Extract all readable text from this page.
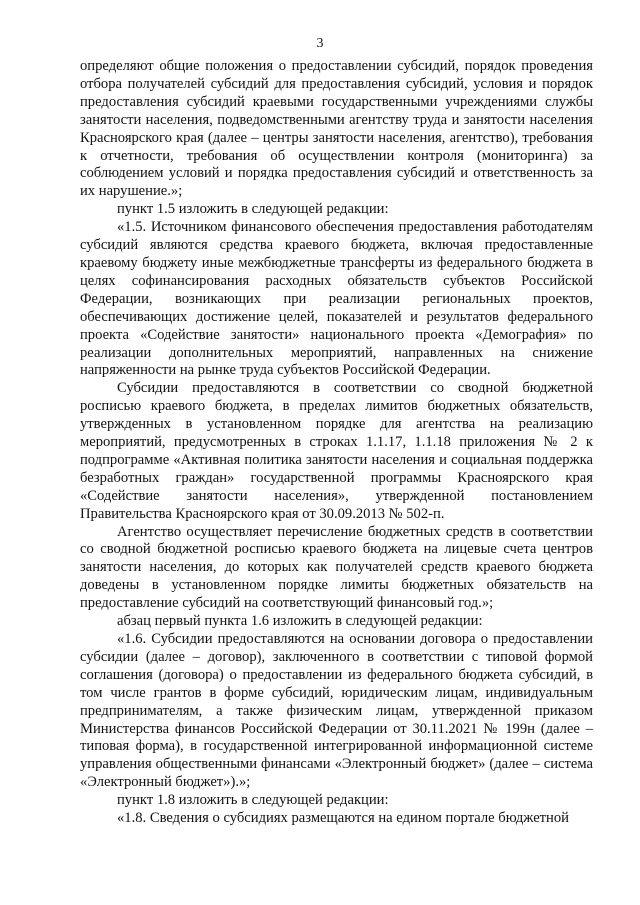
3

определяют общие положения о предоставлении субсидий, порядок проведения отбора получателей субсидий для предоставления субсидий, условия и порядок предоставления субсидий краевыми государственными учреждениями службы занятости населения, подведомственными агентству труда и занятости населения Красноярского края (далее – центры занятости населения, агентство), требования к отчетности, требования об осуществлении контроля (мониторинга) за соблюдением условий и порядка предоставления субсидий и ответственность за их нарушение.»;

пункт 1.5 изложить в следующей редакции:

«1.5. Источником финансового обеспечения предоставления работодателям субсидий являются средства краевого бюджета, включая предоставленные краевому бюджету иные межбюджетные трансферты из федерального бюджета в целях софинансирования расходных обязательств субъектов Российской Федерации, возникающих при реализации региональных проектов, обеспечивающих достижение целей, показателей и результатов федерального проекта «Содействие занятости» национального проекта «Демография» по реализации дополнительных мероприятий, направленных на снижение напряженности на рынке труда субъектов Российской Федерации.

Субсидии предоставляются в соответствии со сводной бюджетной росписью краевого бюджета, в пределах лимитов бюджетных обязательств, утвержденных в установленном порядке для агентства на реализацию мероприятий, предусмотренных в строках 1.1.17, 1.1.18 приложения № 2 к подпрограмме «Активная политика занятости населения и социальная поддержка безработных граждан» государственной программы Красноярского края «Содействие занятости населения», утвержденной постановлением Правительства Красноярского края от 30.09.2013 № 502-п.

Агентство осуществляет перечисление бюджетных средств в соответствии со сводной бюджетной росписью краевого бюджета на лицевые счета центров занятости населения, до которых как получателей средств краевого бюджета доведены в установленном порядке лимиты бюджетных обязательств на предоставление субсидий на соответствующий финансовый год.»;

абзац первый пункта 1.6 изложить в следующей редакции:

«1.6. Субсидии предоставляются на основании договора о предоставлении субсидии (далее – договор), заключенного в соответствии с типовой формой соглашения (договора) о предоставлении из федерального бюджета субсидий, в том числе грантов в форме субсидий, юридическим лицам, индивидуальным предпринимателям, а также физическим лицам, утвержденной приказом Министерства финансов Российской Федерации от 30.11.2021 № 199н (далее – типовая форма), в государственной интегрированной информационной системе управления общественными финансами «Электронный бюджет» (далее – система «Электронный бюджет»).»;

пункт 1.8 изложить в следующей редакции:

«1.8. Сведения о субсидиях размещаются на едином портале бюджетной
